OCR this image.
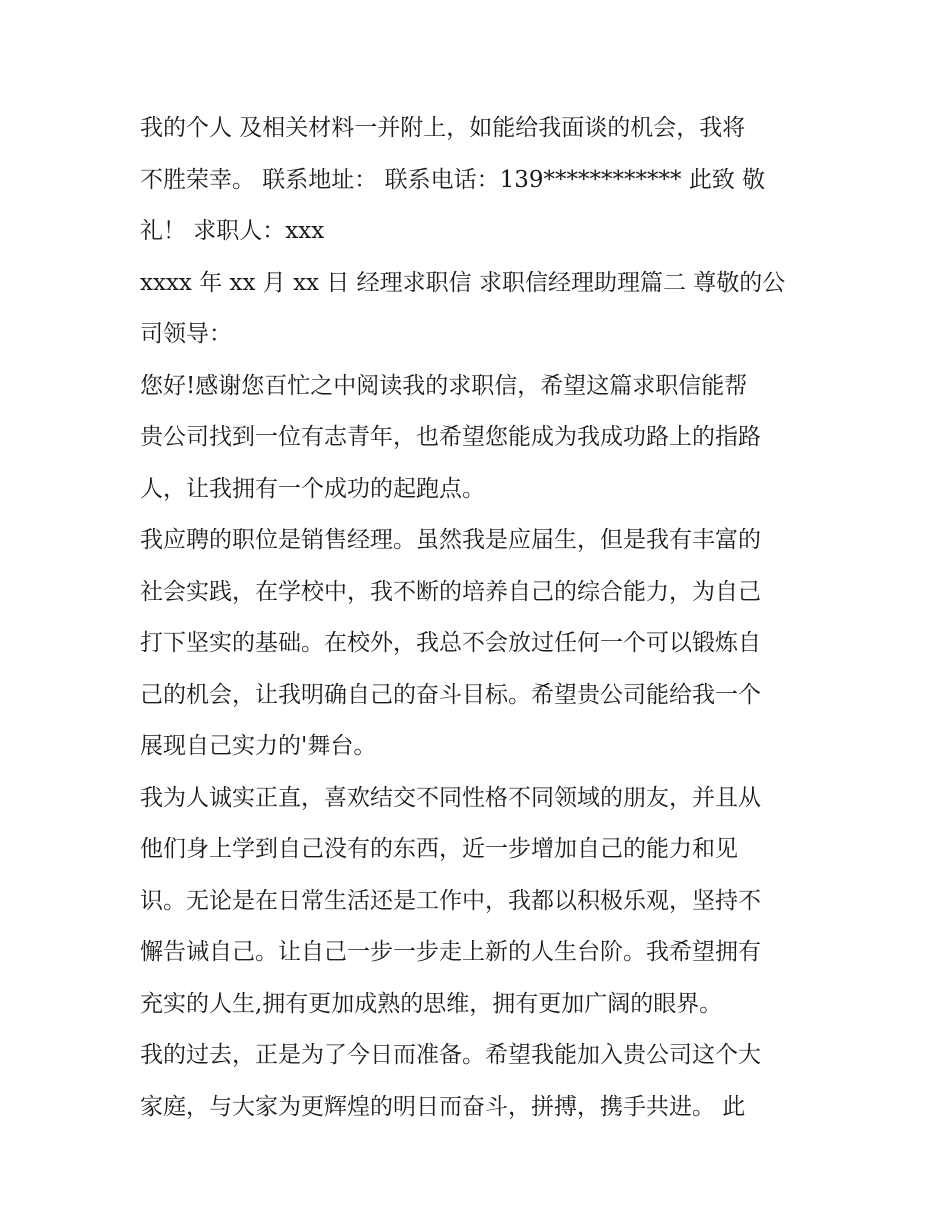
我的个人 及相关材料一并附上，如能给我面谈的机会，我将
不胜荣幸。 联系地址： 联系电话：139************ 此致 敬
礼！ 求职人：xxx
xxxx 年 xx 月 xx 日 经理求职信 求职信经理助理篇二 尊敬的公
司领导：
您好!感谢您百忙之中阅读我的求职信，希望这篇求职信能帮
贵公司找到一位有志青年，也希望您能成为我成功路上的指路
人，让我拥有一个成功的起跑点。
我应聘的职位是销售经理。虽然我是应届生，但是我有丰富的
社会实践，在学校中，我不断的培养自己的综合能力，为自己
打下坚实的基础。在校外，我总不会放过任何一个可以锻炼自
己的机会，让我明确自己的奋斗目标。希望贵公司能给我一个
展现自己实力的'舞台。
我为人诚实正直，喜欢结交不同性格不同领域的朋友，并且从
他们身上学到自己没有的东西，近一步增加自己的能力和见
识。无论是在日常生活还是工作中，我都以积极乐观，坚持不
懈告诫自己。让自己一步一步走上新的人生台阶。我希望拥有
充实的人生,拥有更加成熟的思维，拥有更加广阔的眼界。
我的过去，正是为了今日而准备。希望我能加入贵公司这个大
家庭，与大家为更辉煌的明日而奋斗，拼搏，携手共进。 此
